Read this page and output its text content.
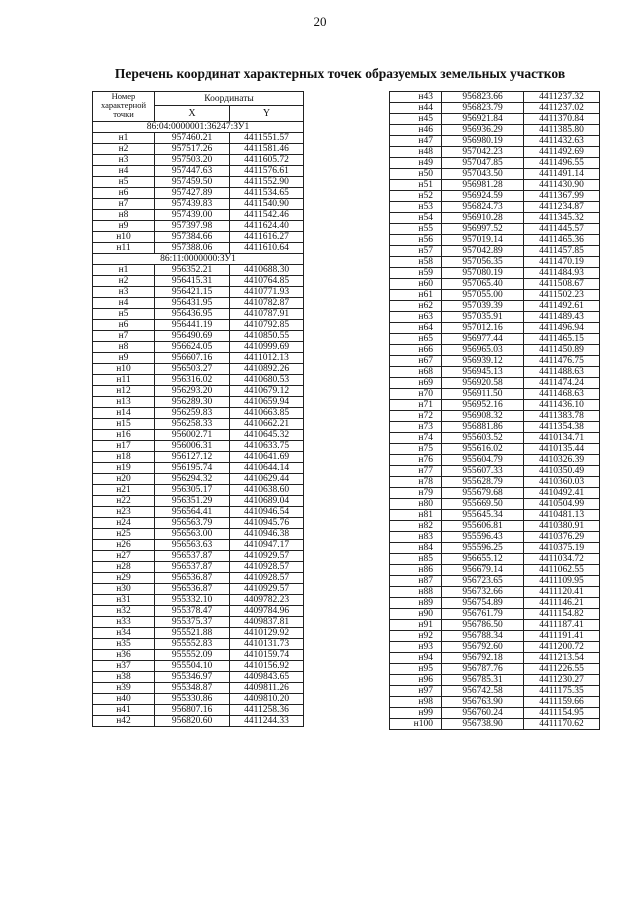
20
Перечень координат характерных точек образуемых земельных участков
Номер
характерной
точки	Координаты	
	X	Y
86:04:0000001:36247:ЗУ1		
н1	957460.21	4411551.57
н2	957517.26	4411581.46
н3	957503.20	4411605.72
н4	957447.63	4411576.61
н5	957459.50	4411552.90
н6	957427.89	4411534.65
н7	957439.83	4411540.90
н8	957439.00	4411542.46
н9	957397.98	4411624.40
н10	957384.66	4411616.27
н11	957388.06	4411610.64
86:11:0000000:ЗУ1		
н1	956352.21	4410688.30
н2	956415.31	4410764.85
н3	956421.15	4410771.93
н4	956431.95	4410782.87
н5	956436.95	4410787.91
н6	956441.19	4410792.85
н7	956490.69	4410850.55
н8	956624.05	4410999.69
н9	956607.16	4411012.13
н10	956503.27	4410892.26
н11	956316.02	4410680.53
н12	956293.20	4410679.12
н13	956289.30	4410659.94
н14	956259.83	4410663.85
н15	956258.33	4410662.21
н16	956002.71	4410645.32
н17	956006.31	4410633.75
н18	956127.12	4410641.69
н19	956195.74	4410644.14
н20	956294.32	4410629.44
н21	956305.17	4410638.60
н22	956351.29	4410689.04
н23	956564.41	4410946.54
н24	956563.79	4410945.76
н25	956563.00	4410946.38
н26	956563.63	4410947.17
н27	956537.87	4410929.57
н28	956537.87	4410928.57
н29	956536.87	4410928.57
н30	956536.87	4410929.57
н31	955332.10	4409782.23
н32	955378.47	4409784.96
н33	955375.37	4409837.81
н34	955521.88	4410129.92
н35	955552.83	4410131.73
н36	955552.09	4410159.74
н37	955504.10	4410156.92
н38	955346.97	4409843.65
н39	955348.87	4409811.26
н40	955330.86	4409810.20
н41	956807.16	4411258.36
н42	956820.60	4411244.33
н43	956823.66	4411237.32
н44	956823.79	4411237.02
н45	956921.84	4411370.84
н46	956936.29	4411385.80
н47	956980.19	4411432.63
н48	957042.23	4411492.69
н49	957047.85	4411496.55
н50	957043.50	4411491.14
н51	956981.28	4411430.90
н52	956924.59	4411367.99
н53	956824.73	4411234.87
н54	956910.28	4411345.32
н55	956997.52	4411445.57
н56	957019.14	4411465.36
н57	957042.89	4411457.85
н58	957056.35	4411470.19
н59	957080.19	4411484.93
н60	957065.40	4411508.67
н61	957055.00	4411502.23
н62	957039.39	4411492.61
н63	957035.91	4411489.43
н64	957012.16	4411496.94
н65	956977.44	4411465.15
н66	956965.03	4411450.89
н67	956939.12	4411476.75
н68	956945.13	4411488.63
н69	956920.58	4411474.24
н70	956911.50	4411468.63
н71	956952.16	4411436.10
н72	956908.32	4411383.78
н73	956881.86	4411354.38
н74	955603.52	4410134.71
н75	955616.02	4410135.44
н76	955604.79	4410326.39
н77	955607.33	4410350.49
н78	955628.79	4410360.03
н79	955679.68	4410492.41
н80	955669.50	4410504.99
н81	955645.34	4410481.13
н82	955606.81	4410380.91
н83	955596.43	4410376.29
н84	955596.25	4410375.19
н85	956655.12	4411034.72
н86	956679.14	4411062.55
н87	956723.65	4411109.95
н88	956732.66	4411120.41
н89	956754.89	4411146.21
н90	956761.79	4411154.82
н91	956786.50	4411187.41
н92	956788.34	4411191.41
н93	956792.60	4411200.72
н94	956792.18	4411213.54
н95	956787.76	4411226.55
н96	956785.31	4411230.27
н97	956742.58	4411175.35
н98	956763.90	4411159.66
н99	956760.24	4411154.95
н100	956738.90	4411170.62
